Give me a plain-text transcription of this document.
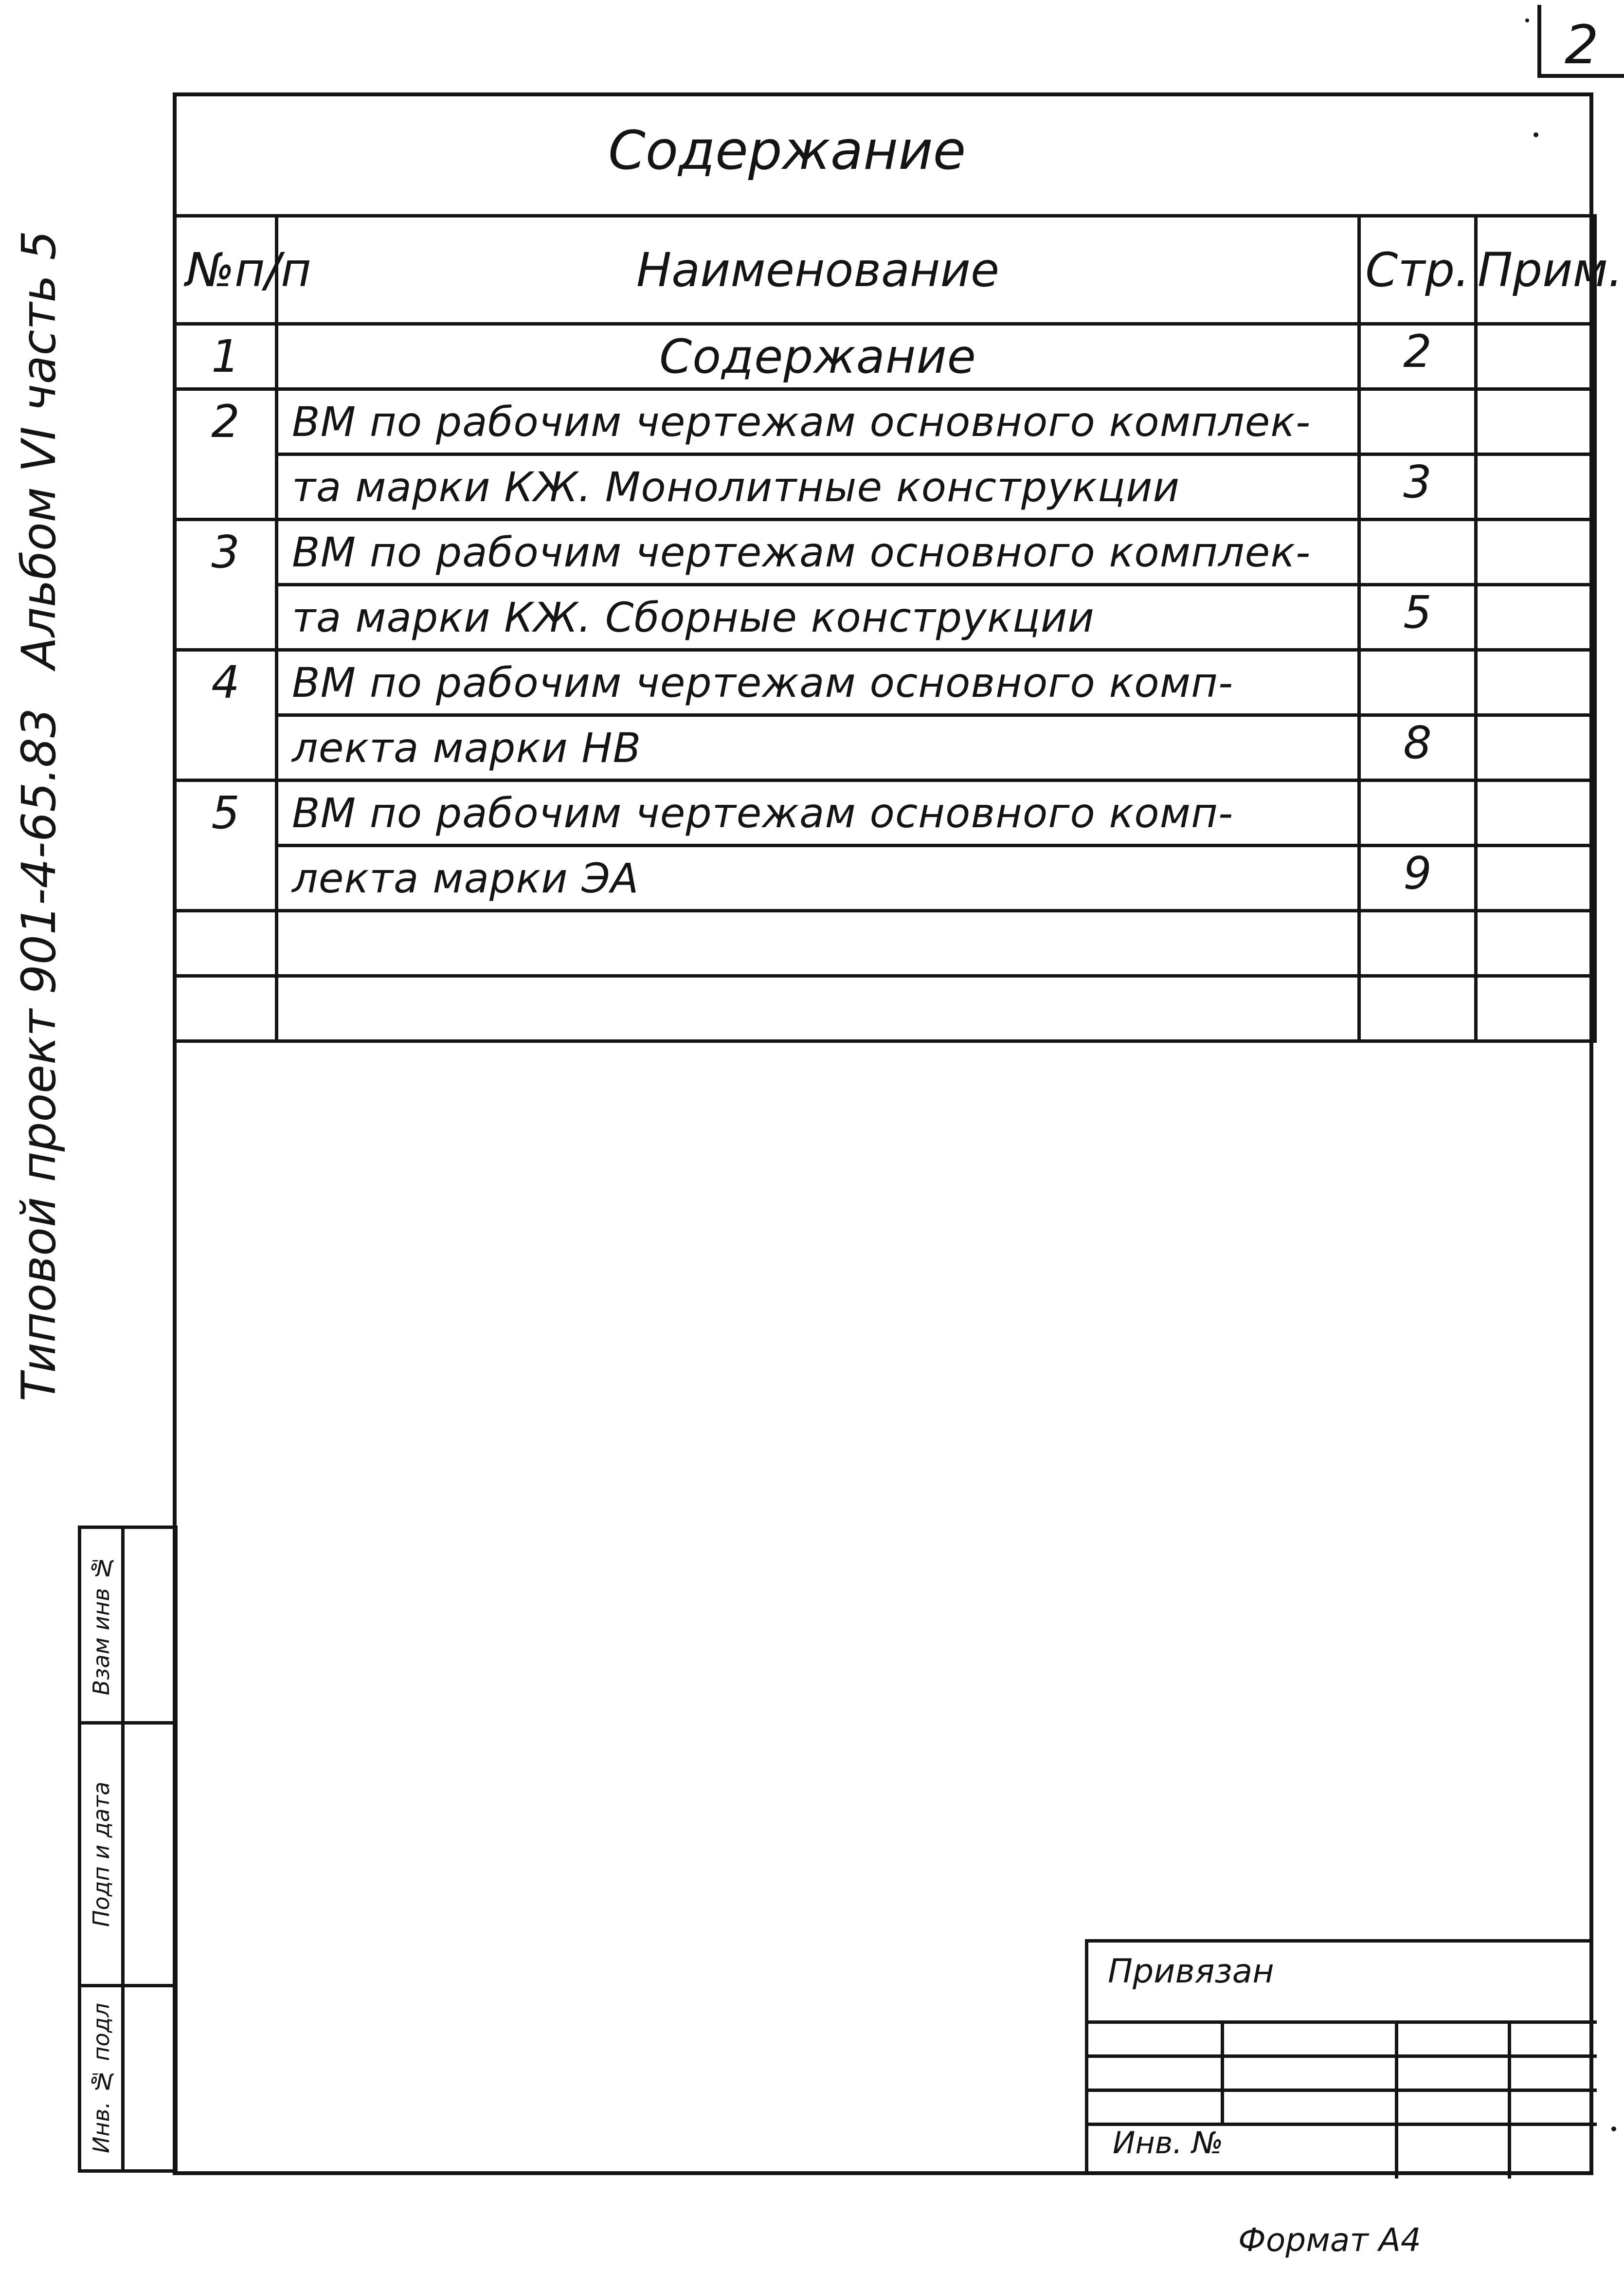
2
Содержание
№п/п	Наименование	Стр.	Прим.
1	Содержание	2	
2	ВМ по рабочим чертежам основного комплек-		
	та марки КЖ. Монолитные конструкции	3	
3	ВМ по рабочим чертежам основного комплек-		
	та марки КЖ. Сборные конструкции	5	
4	ВМ по рабочим чертежам основного комп-		
	лекта марки НВ	8	
5	ВМ по рабочим чертежам основного комп-		
	лекта марки ЭА	9	

Типовой проект 901-4-65.83
Альбом VI часть 5
Взам инв №
Подп и дата
Инв. № подл
Привязан
Инв. №
Формат А4
